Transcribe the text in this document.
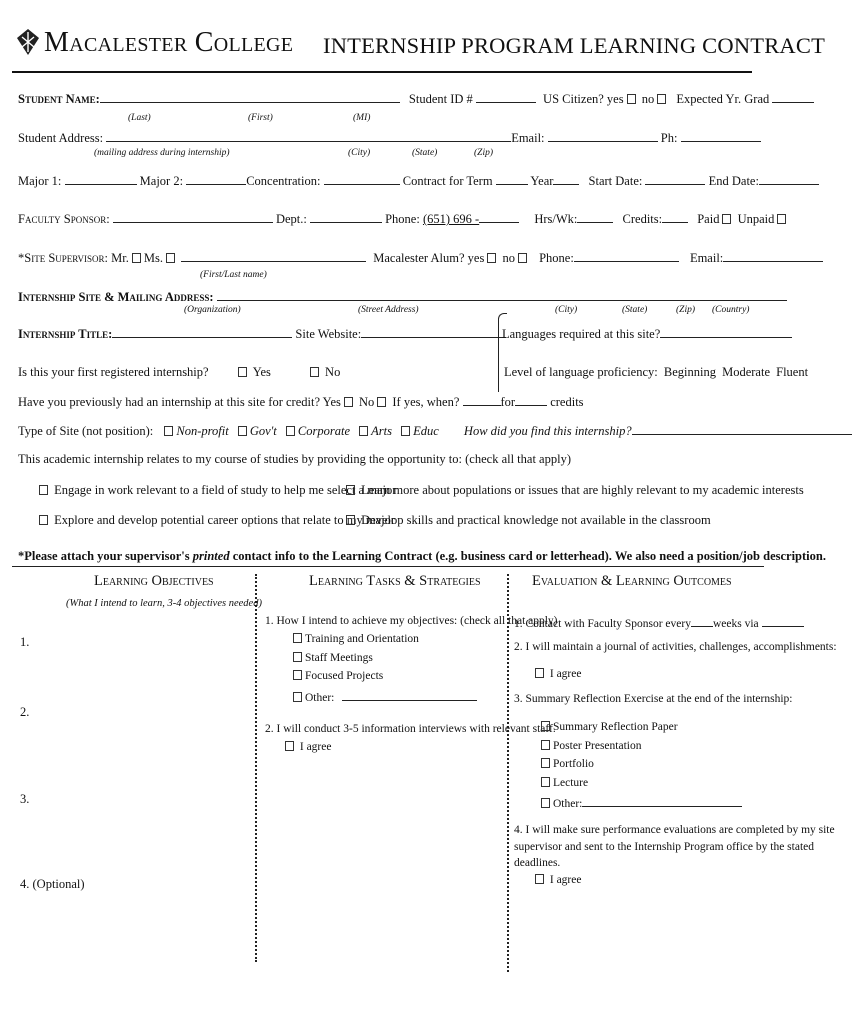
Macalester College INTERNSHIP PROGRAM LEARNING CONTRACT
Student Name:	Student ID #	US Citizen? yes no Expected Yr. Grad
(Last)	(First)	(MI)
Student Address:	Email:	Ph:
(mailing address during internship)	(City)	(State)	(Zip)
Major 1:	Major 2:	Concentration:	Contract for Term	Year	Start Date:	End Date:
Faculty Sponsor:	Dept.:	Phone: (651) 696 -	Hrs/Wk:	Credits:	Paid Unpaid
*Site Supervisor: Mr. Ms.	Macalester Alum? yes no Phone:	Email:
(First/Last name)
Internship Site & Mailing Address:
(Organization)	(Street Address)	(City)	(State)	(Zip) (Country)
Internship Title:	Site Website:	Languages required at this site?
Is this your first registered internship?	Yes	No	Level of language proficiency: Beginning Moderate Fluent
Have you previously had an internship at this site for credit? Yes No If yes, when?	for	credits
Type of Site (not position): Non-profit Gov't Corporate Arts Educ How did you find this internship?
This academic internship relates to my course of studies by providing the opportunity to: (check all that apply)
Engage in work relevant to a field of study to help me select a major
Learn more about populations or issues that are highly relevant to my academic interests
Explore and develop potential career options that relate to my major
Develop skills and practical knowledge not available in the classroom
*Please attach your supervisor's printed contact info to the Learning Contract (e.g. business card or letterhead). We also need a position/job description.
Learning Objectives
(What I intend to learn, 3-4 objectives needed)
1.
2.
3.
4. (Optional)
Learning Tasks & Strategies
1. How I intend to achieve my objectives: (check all that apply)
Training and Orientation
Staff Meetings
Focused Projects
Other:
2. I will conduct 3-5 information interviews with relevant staff.
I agree
Evaluation & Learning Outcomes
1. Contact with Faculty Sponsor every weeks via
2. I will maintain a journal of activities, challenges, accomplishments:
I agree
3. Summary Reflection Exercise at the end of the internship:
Summary Reflection Paper
Poster Presentation
Portfolio
Lecture
Other:
4. I will make sure performance evaluations are completed by my site
supervisor and sent to the Internship Program office by the stated
deadlines.
I agree
